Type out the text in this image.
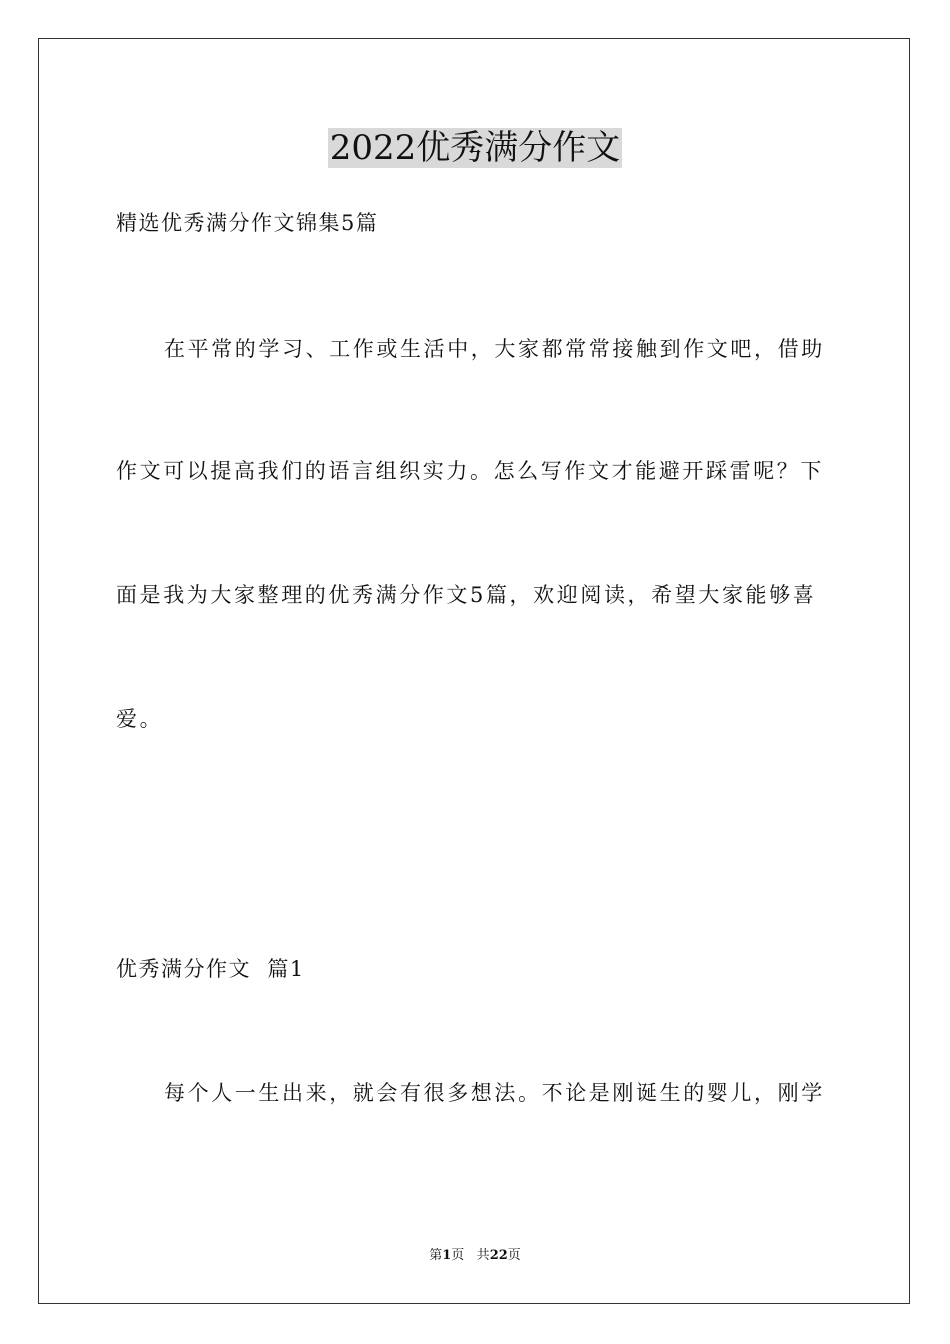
2022优秀满分作文
精选优秀满分作文锦集5篇
在平常的学习、工作或生活中，大家都常常接触到作文吧，借助
作文可以提高我们的语言组织实力。怎么写作文才能避开踩雷呢？下
面是我为大家整理的优秀满分作文5篇，欢迎阅读，希望大家能够喜
爱。
优秀满分作文  篇1
每个人一生出来，就会有很多想法。不论是刚诞生的婴儿，刚学
第1页 共22页
